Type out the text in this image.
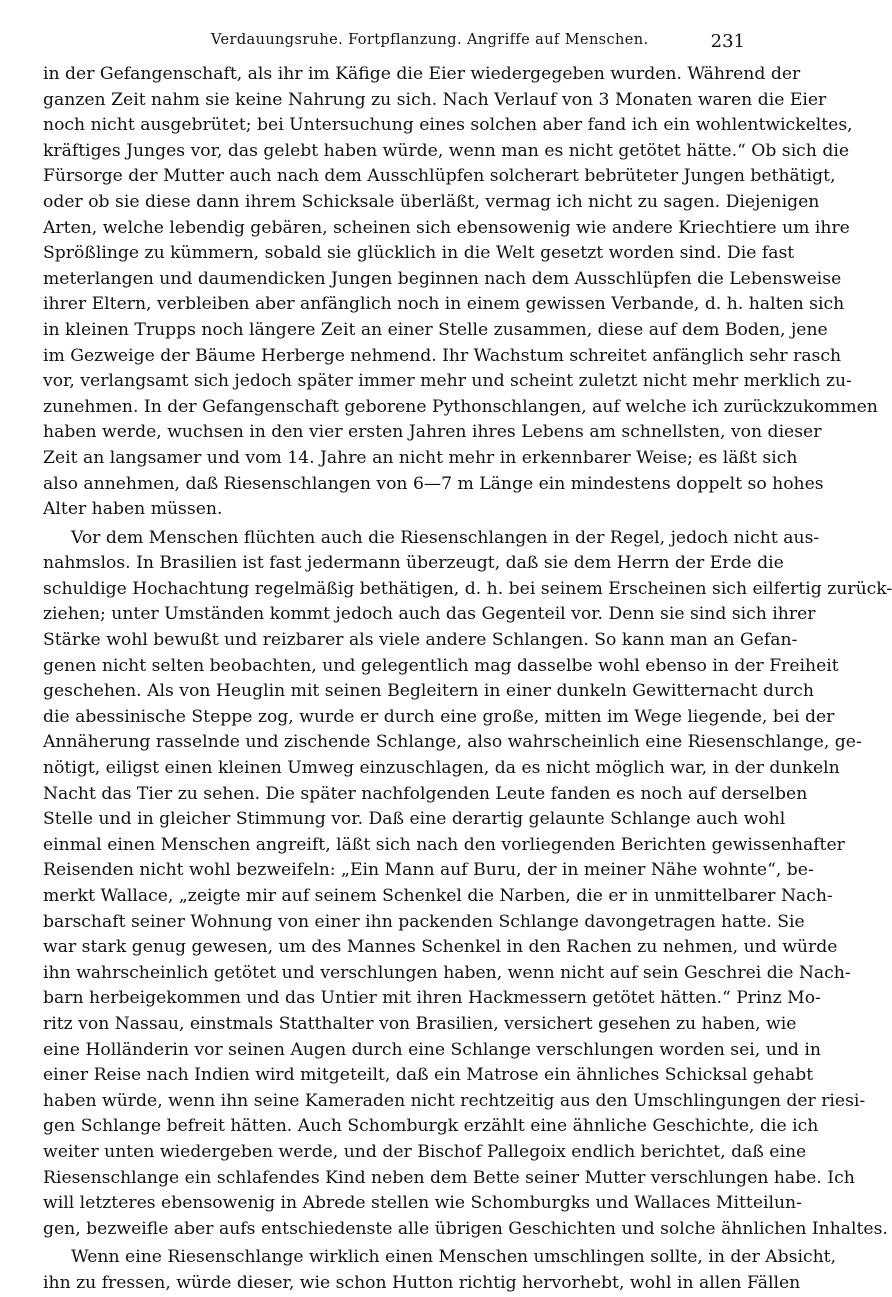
Verdauungsruhe. Fortpflanzung. Angriffe auf Menschen.	231
in der Gefangenschaft, als ihr im Käfige die Eier wiedergegeben wurden. Während der
ganzen Zeit nahm sie keine Nahrung zu sich. Nach Verlauf von 3 Monaten waren die Eier
noch nicht ausgebrütet; bei Untersuchung eines solchen aber fand ich ein wohlentwickeltes,
kräftiges Junges vor, das gelebt haben würde, wenn man es nicht getötet hätte.“ Ob sich die
Fürsorge der Mutter auch nach dem Ausschlüpfen solcherart bebrüteter Jungen bethätigt,
oder ob sie diese dann ihrem Schicksale überläßt, vermag ich nicht zu sagen. Diejenigen
Arten, welche lebendig gebären, scheinen sich ebensowenig wie andere Kriechtiere um ihre
Sprößlinge zu kümmern, sobald sie glücklich in die Welt gesetzt worden sind. Die fast
meterlangen und daumendicken Jungen beginnen nach dem Ausschlüpfen die Lebensweise
ihrer Eltern, verbleiben aber anfänglich noch in einem gewissen Verbande, d. h. halten sich
in kleinen Trupps noch längere Zeit an einer Stelle zusammen, diese auf dem Boden, jene
im Gezweige der Bäume Herberge nehmend. Ihr Wachstum schreitet anfänglich sehr rasch
vor, verlangsamt sich jedoch später immer mehr und scheint zuletzt nicht mehr merklich zu-
zunehmen. In der Gefangenschaft geborene Pythonschlangen, auf welche ich zurückzukommen
haben werde, wuchsen in den vier ersten Jahren ihres Lebens am schnellsten, von dieser
Zeit an langsamer und vom 14. Jahre an nicht mehr in erkennbarer Weise; es läßt sich
also annehmen, daß Riesenschlangen von 6—7 m Länge ein mindestens doppelt so hohes
Alter haben müssen.
Vor dem Menschen flüchten auch die Riesenschlangen in der Regel, jedoch nicht aus-
nahmslos. In Brasilien ist fast jedermann überzeugt, daß sie dem Herrn der Erde die
schuldige Hochachtung regelmäßig bethätigen, d. h. bei seinem Erscheinen sich eilfertig zurück-
ziehen; unter Umständen kommt jedoch auch das Gegenteil vor. Denn sie sind sich ihrer
Stärke wohl bewußt und reizbarer als viele andere Schlangen. So kann man an Gefan-
genen nicht selten beobachten, und gelegentlich mag dasselbe wohl ebenso in der Freiheit
geschehen. Als von Heuglin mit seinen Begleitern in einer dunkeln Gewitternacht durch
die abessinische Steppe zog, wurde er durch eine große, mitten im Wege liegende, bei der
Annäherung rasselnde und zischende Schlange, also wahrscheinlich eine Riesenschlange, ge-
nötigt, eiligst einen kleinen Umweg einzuschlagen, da es nicht möglich war, in der dunkeln
Nacht das Tier zu sehen. Die später nachfolgenden Leute fanden es noch auf derselben
Stelle und in gleicher Stimmung vor. Daß eine derartig gelaunte Schlange auch wohl
einmal einen Menschen angreift, läßt sich nach den vorliegenden Berichten gewissenhafter
Reisenden nicht wohl bezweifeln: „Ein Mann auf Buru, der in meiner Nähe wohnte“, be-
merkt Wallace, „zeigte mir auf seinem Schenkel die Narben, die er in unmittelbarer Nach-
barschaft seiner Wohnung von einer ihn packenden Schlange davongetragen hatte. Sie
war stark genug gewesen, um des Mannes Schenkel in den Rachen zu nehmen, und würde
ihn wahrscheinlich getötet und verschlungen haben, wenn nicht auf sein Geschrei die Nach-
barn herbeigekommen und das Untier mit ihren Hackmessern getötet hätten.“ Prinz Mo-
ritz von Nassau, einstmals Statthalter von Brasilien, versichert gesehen zu haben, wie
eine Holländerin vor seinen Augen durch eine Schlange verschlungen worden sei, und in
einer Reise nach Indien wird mitgeteilt, daß ein Matrose ein ähnliches Schicksal gehabt
haben würde, wenn ihn seine Kameraden nicht rechtzeitig aus den Umschlingungen der riesi-
gen Schlange befreit hätten. Auch Schomburgk erzählt eine ähnliche Geschichte, die ich
weiter unten wiedergeben werde, und der Bischof Pallegoix endlich berichtet, daß eine
Riesenschlange ein schlafendes Kind neben dem Bette seiner Mutter verschlungen habe. Ich
will letzteres ebensowenig in Abrede stellen wie Schomburgks und Wallaces Mitteilun-
gen, bezweifle aber aufs entschiedenste alle übrigen Geschichten und solche ähnlichen Inhaltes.
Wenn eine Riesenschlange wirklich einen Menschen umschlingen sollte, in der Absicht,
ihn zu fressen, würde dieser, wie schon Hutton richtig hervorhebt, wohl in allen Fällen
